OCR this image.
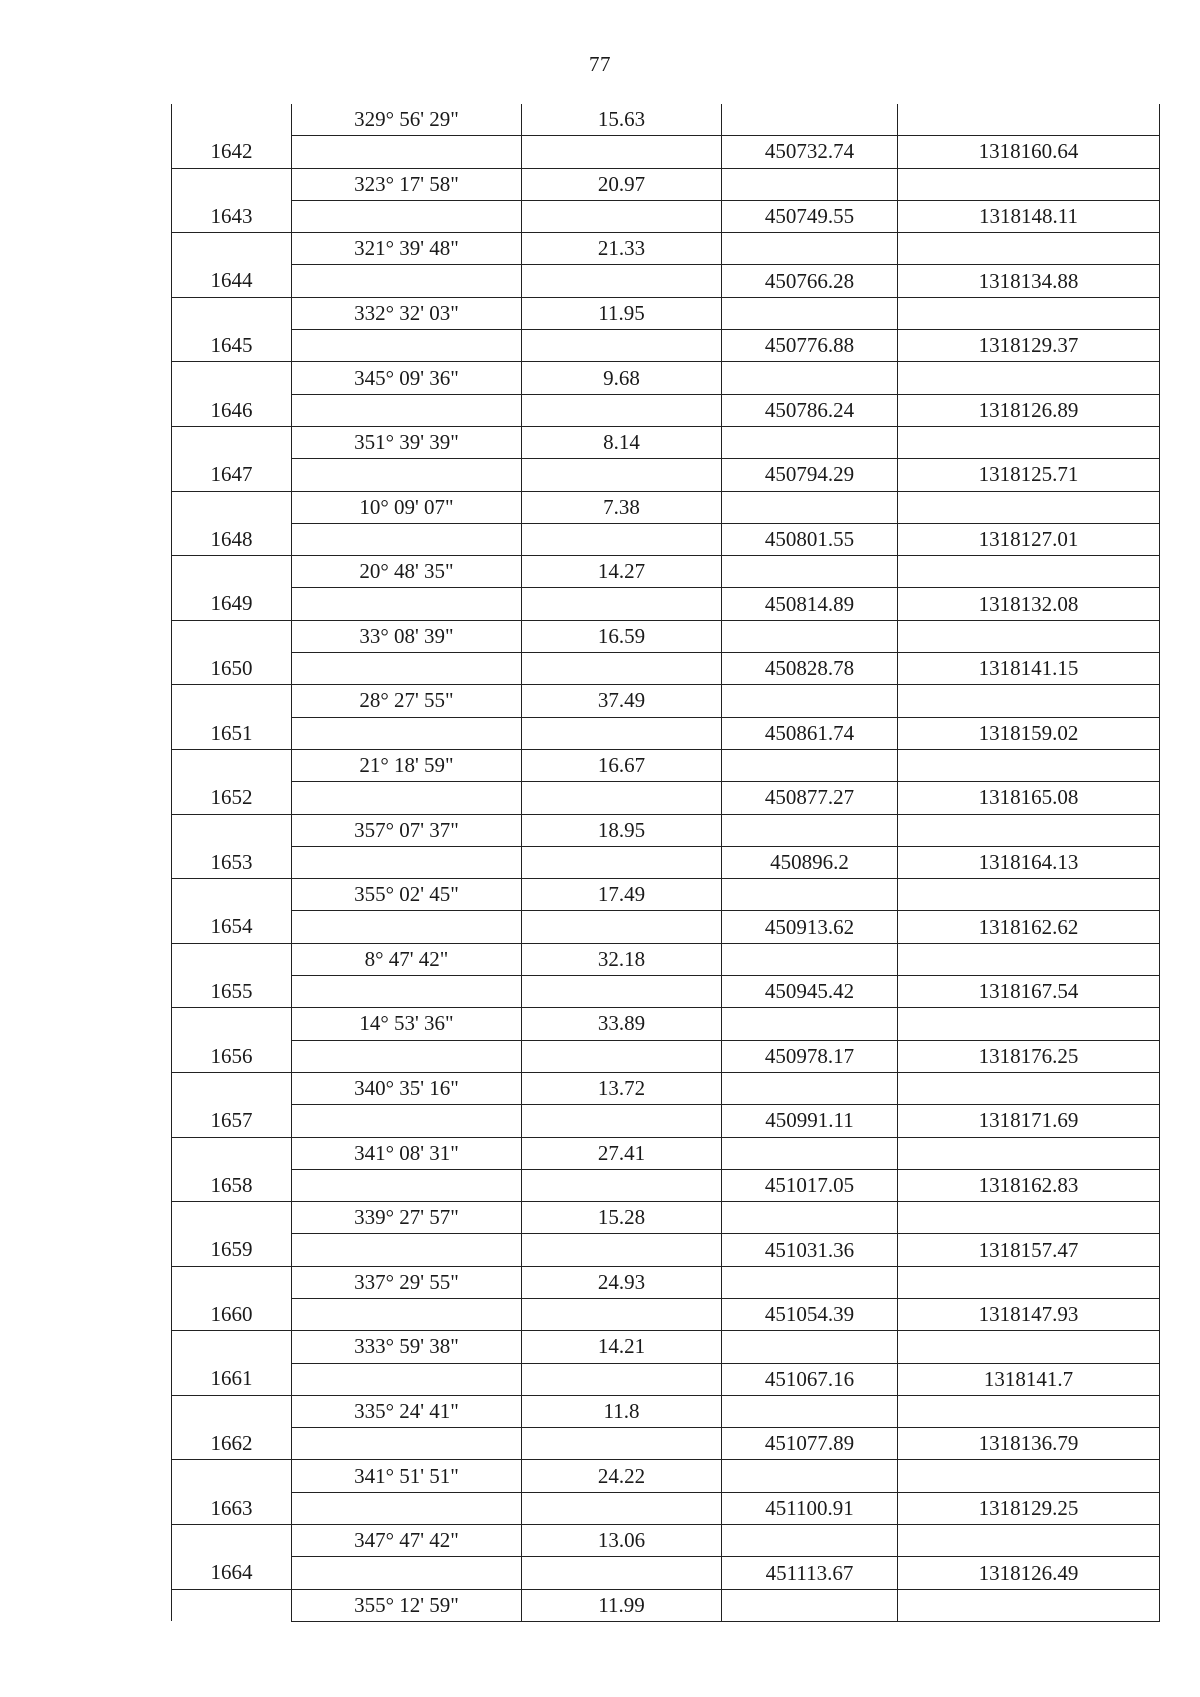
77
	329° 56' 29"	15.63		
1642			450732.74	1318160.64
	323° 17' 58"	20.97		
1643			450749.55	1318148.11
	321° 39' 48"	21.33		
1644			450766.28	1318134.88
	332° 32' 03"	11.95		
1645			450776.88	1318129.37
	345° 09' 36"	9.68		
1646			450786.24	1318126.89
	351° 39' 39"	8.14		
1647			450794.29	1318125.71
	10° 09' 07"	7.38		
1648			450801.55	1318127.01
	20° 48' 35"	14.27		
1649			450814.89	1318132.08
	33° 08' 39"	16.59		
1650			450828.78	1318141.15
	28° 27' 55"	37.49		
1651			450861.74	1318159.02
	21° 18' 59"	16.67		
1652			450877.27	1318165.08
	357° 07' 37"	18.95		
1653			450896.2	1318164.13
	355° 02' 45"	17.49		
1654			450913.62	1318162.62
	8° 47' 42"	32.18		
1655			450945.42	1318167.54
	14° 53' 36"	33.89		
1656			450978.17	1318176.25
	340° 35' 16"	13.72		
1657			450991.11	1318171.69
	341° 08' 31"	27.41		
1658			451017.05	1318162.83
	339° 27' 57"	15.28		
1659			451031.36	1318157.47
	337° 29' 55"	24.93		
1660			451054.39	1318147.93
	333° 59' 38"	14.21		
1661			451067.16	1318141.7
	335° 24' 41"	11.8		
1662			451077.89	1318136.79
	341° 51' 51"	24.22		
1663			451100.91	1318129.25
	347° 47' 42"	13.06		
1664			451113.67	1318126.49
	355° 12' 59"	11.99		
